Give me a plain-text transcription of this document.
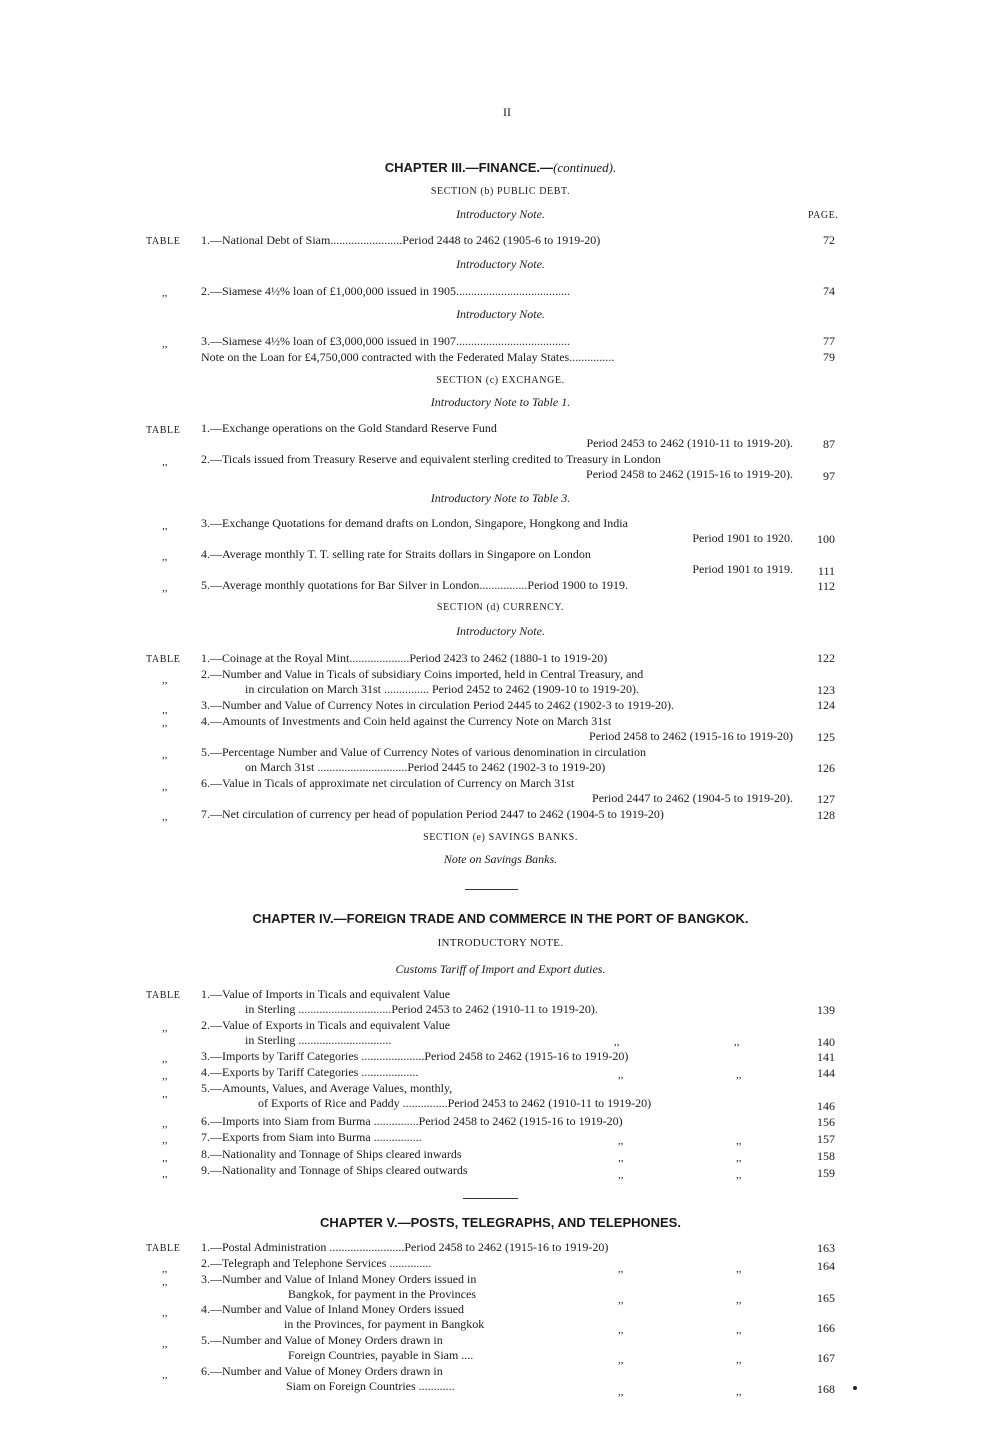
II
CHAPTER III.—FINANCE.—(continued).
SECTION (b) PUBLIC DEBT.
Introductory Note.	PAGE.
TABLE 1.—National Debt of Siam........................Period 2448 to 2462 (1905-6 to 1919-20)	72
Introductory Note.
,,	2.—Siamese 4½% loan of £1,000,000 issued in 1905......................................	74
Introductory Note.
,,	3.—Siamese 4½% loan of £3,000,000 issued in 1907......................................	77
Note on the Loan for £4,750,000 contracted with the Federated Malay States...............	79
SECTION (c) EXCHANGE.
Introductory Note to Table 1.
TABLE 1.—Exchange operations on the Gold Standard Reserve Fund
Period 2453 to 2462 (1910-11 to 1919-20).	87
,,	2.—Ticals issued from Treasury Reserve and equivalent sterling credited to Treasury in London
Period 2458 to 2462 (1915-16 to 1919-20).	97
Introductory Note to Table 3.
,,	3.—Exchange Quotations for demand drafts on London, Singapore, Hongkong and India
Period 1901 to 1920.	100
,,	4.—Average monthly T. T. selling rate for Straits dollars in Singapore on London
Period 1901 to 1919.	111
,,	5.—Average monthly quotations for Bar Silver in London................Period 1900 to 1919.	112
SECTION (d) CURRENCY.
Introductory Note.
TABLE 1.—Coinage at the Royal Mint....................Period 2423 to 2462 (1880-1 to 1919-20)	122
,,	2.—Number and Value in Ticals of subsidiary Coins imported, held in Central Treasury, and
in circulation on March 31st ............... Period 2452 to 2462 (1909-10 to 1919-20).	123
,,	3.—Number and Value of Currency Notes in circulation Period 2445 to 2462 (1902-3 to 1919-20).	124
,,	4.—Amounts of Investments and Coin held against the Currency Note on March 31st
Period 2458 to 2462 (1915-16 to 1919-20)	125
,,	5.—Percentage Number and Value of Currency Notes of various denomination in circulation
on March 31st ..............................Period 2445 to 2462 (1902-3 to 1919-20)	126
,,	6.—Value in Ticals of approximate net circulation of Currency on March 31st
Period 2447 to 2462 (1904-5 to 1919-20).	127
,,	7.—Net circulation of currency per head of population Period 2447 to 2462 (1904-5 to 1919-20)	128
SECTION (e) SAVINGS BANKS.
Note on Savings Banks.
CHAPTER IV.—FOREIGN TRADE AND COMMERCE IN THE PORT OF BANGKOK.
INTRODUCTORY NOTE.
Customs Tariff of Import and Export duties.
TABLE 1.—Value of Imports in Ticals and equivalent Value
in Sterling ...............................Period 2453 to 2462 (1910-11 to 1919-20).	139
,,	2.—Value of Exports in Ticals and equivalent Value
in Sterling ...............................	,,	,,	140
,,	3.—Imports by Tariff Categories .....................Period 2458 to 2462 (1915-16 to 1919-20)	141
,,	4.—Exports by Tariff Categories ...................	,,	,,	144
,,	5.—Amounts, Values, and Average Values, monthly,
of Exports of Rice and Paddy ...............Period 2453 to 2462 (1910-11 to 1919-20)	146
,,	6.—Imports into Siam from Burma ...............Period 2458 to 2462 (1915-16 to 1919-20)	156
,,	7.—Exports from Siam into Burma ................	,,	,,	157
,,	8.—Nationality and Tonnage of Ships cleared inwards	,,	,,	158
,,	9.—Nationality and Tonnage of Ships cleared outwards	,,	,,	159
CHAPTER V.—POSTS, TELEGRAPHS, AND TELEPHONES.
TABLE 1.—Postal Administration .........................Period 2458 to 2462 (1915-16 to 1919-20)	163
,,	2.—Telegraph and Telephone Services ..............	,,	,,	164
,,	3.—Number and Value of Inland Money Orders issued in
Bangkok, for payment in the Provinces	,,	,,	165
,,	4.—Number and Value of Inland Money Orders issued
in the Provinces, for payment in Bangkok	,,	,,	166
,,	5.—Number and Value of Money Orders drawn in
Foreign Countries, payable in Siam ....	,,	,,	167
,,	6.—Number and Value of Money Orders drawn in
Siam on Foreign Countries ............	,,	,,	168
